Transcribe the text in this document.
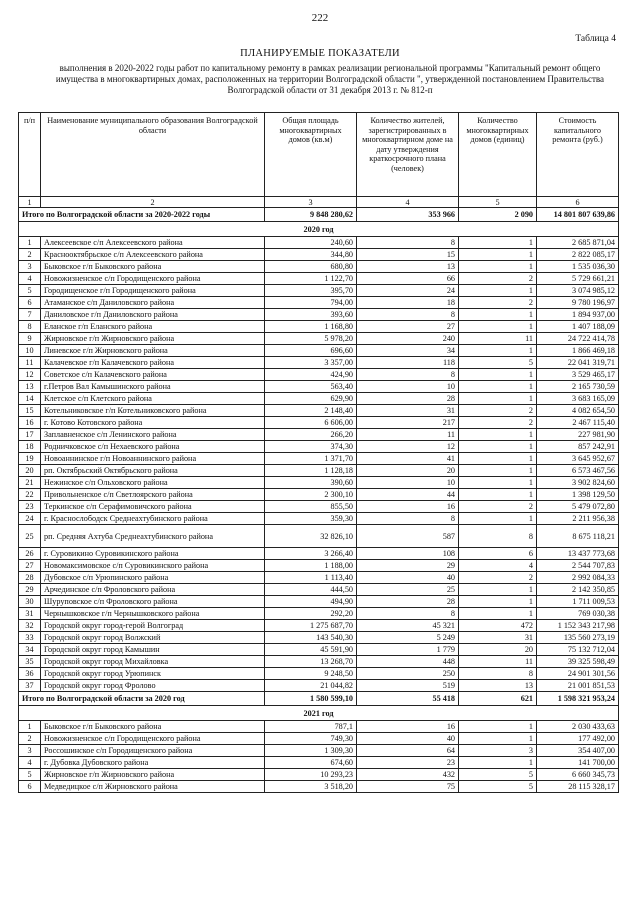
222
Таблица 4
ПЛАНИРУЕМЫЕ ПОКАЗАТЕЛИ
выполнения в 2020-2022 годы работ по капитальному ремонту в рамках реализации региональной программы "Капитальный ремонт общего имущества в многоквартирных домах, расположенных на территории Волгоградской области ", утвержденной постановлением Правительства Волгоградской области от 31 декабря 2013 г. № 812-п
п/п	Наименование муниципального образования Волгоградской области	Общая площадь многоквартирных домов (кв.м)	Количество жителей, зарегистрированных в многоквартирном доме на дату утверждения краткосрочного плана (человек)	Количество многоквартирных домов (единиц)	Стоимость капитального ремонта (руб.)
1	2	3	4	5	6
Итого по Волгоградской области за 2020-2022 годы		9 848 280,62	353 966	2 090	14 801 807 639,86
2020 год					
1	Алексеевское с/п Алексеевского района	240,60	8	1	2 685 871,04
2	Краснооктябрьское с/п Алексеевского района	344,80	15	1	2 822 085,17
3	Быковское г/п Быковского района	680,80	13	1	1 535 036,30
4	Новожизненское с/п Городищенского района	1 122,70	66	2	5 729 661,21
5	Городищенское г/п Городищенского района	395,70	24	1	3 074 985,12
6	Атаманское с/п Даниловского района	794,00	18	2	9 780 196,97
7	Даниловское г/п Даниловского района	393,60	8	1	1 894 937,00
8	Еланское г/п Еланского района	1 168,80	27	1	1 407 188,09
9	Жирновское г/п Жирновского района	5 978,20	240	11	24 722 414,78
10	Линевское г/п Жирновского района	696,60	34	1	1 866 469,18
11	Калачевское г/п Калачевского района	3 357,00	118	5	22 041 319,71
12	Советское с/п Калачевского района	424,90	8	1	3 529 465,17
13	г.Петров Вал Камышинского района	563,40	10	1	2 165 730,59
14	Клетское с/п Клетского района	629,90	28	1	3 683 165,09
15	Котельниковское г/п Котельниковского района	2 148,40	31	2	4 082 654,50
16	г. Котово Котовского района	6 606,00	217	2	2 467 115,40
17	Заплавненское с/п Ленинского района	266,20	11	1	227 981,90
18	Родничковское с/п Нехаевского района	374,30	12	1	857 242,91
19	Новоаннинское г/п Новоаннинского района	1 371,70	41	1	3 645 952,67
20	рп. Октябрьский Октябрьского района	1 128,18	20	1	6 573 467,56
21	Нежинское с/п Ольховского района	390,60	10	1	3 902 824,60
22	Привольненское с/п Светлоярского района	2 300,10	44	1	1 398 129,50
23	Теркинское с/п Серафимовичского района	855,50	16	2	5 479 072,80
24	г. Краснослободск Среднеахтубинского района	359,30	8	1	2 211 956,38
25	рп. Средняя Ахтуба Среднеахтубинского района	32 826,10	587	8	8 675 118,21
26	г. Суровикино Суровикинского района	3 266,40	108	6	13 437 773,68
27	Новомаксимовское с/п Суровикинского района	1 188,00	29	4	2 544 707,83
28	Дубовское с/п Урюпинского района	1 113,40	40	2	2 992 084,33
29	Арчединское с/п Фроловского района	444,50	25	1	2 142 350,85
30	Шуруповское с/п Фроловского района	494,90	28	1	1 711 009,53
31	Чернышковское г/п Чернышковского района	292,20	8	1	769 030,38
32	Городской округ город-герой Волгоград	1 275 687,70	45 321	472	1 152 343 217,98
33	Городской округ город Волжский	143 540,30	5 249	31	135 560 273,19
34	Городской округ город Камышин	45 591,90	1 779	20	75 132 712,04
35	Городской округ город Михайловка	13 268,70	448	11	39 325 598,49
36	Городской округ город Урюпинск	9 248,50	250	8	24 901 301,56
37	Городской округ город Фролово	21 044,82	519	13	21 001 851,53
Итого по Волгоградской области за 2020 год		1 580 599,10	55 418	621	1 598 321 953,24
2021 год					
1	Быковское г/п Быковского района	787,1	16	1	2 030 433,63
2	Новожизненское с/п Городищенского района	749,30	40	1	177 492,00
3	Россошинское с/п Городищенского района	1 309,30	64	3	354 407,00
4	г. Дубовка Дубовского района	674,60	23	1	141 700,00
5	Жирновское г/п Жирновского района	10 293,23	432	5	6 660 345,73
6	Медведицкое с/п Жирновского района	3 518,20	75	5	28 115 328,17
